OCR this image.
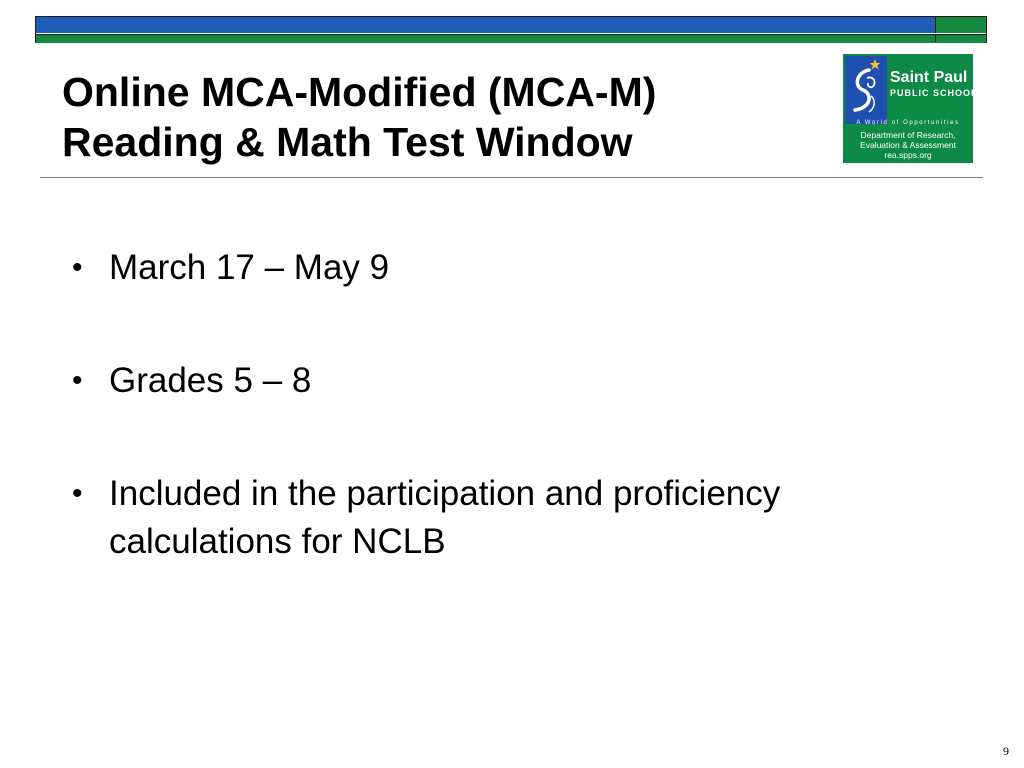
Online MCA-Modified (MCA-M)
Reading & Math Test Window
Saint Paul
PUBLIC SCHOOLS
A World of Opportunities
Department of Research,
Evaluation & Assessment
rea.spps.org
• March 17 – May 9
• Grades 5 – 8
• Included in the participation and proficiency calculations for NCLB
9
